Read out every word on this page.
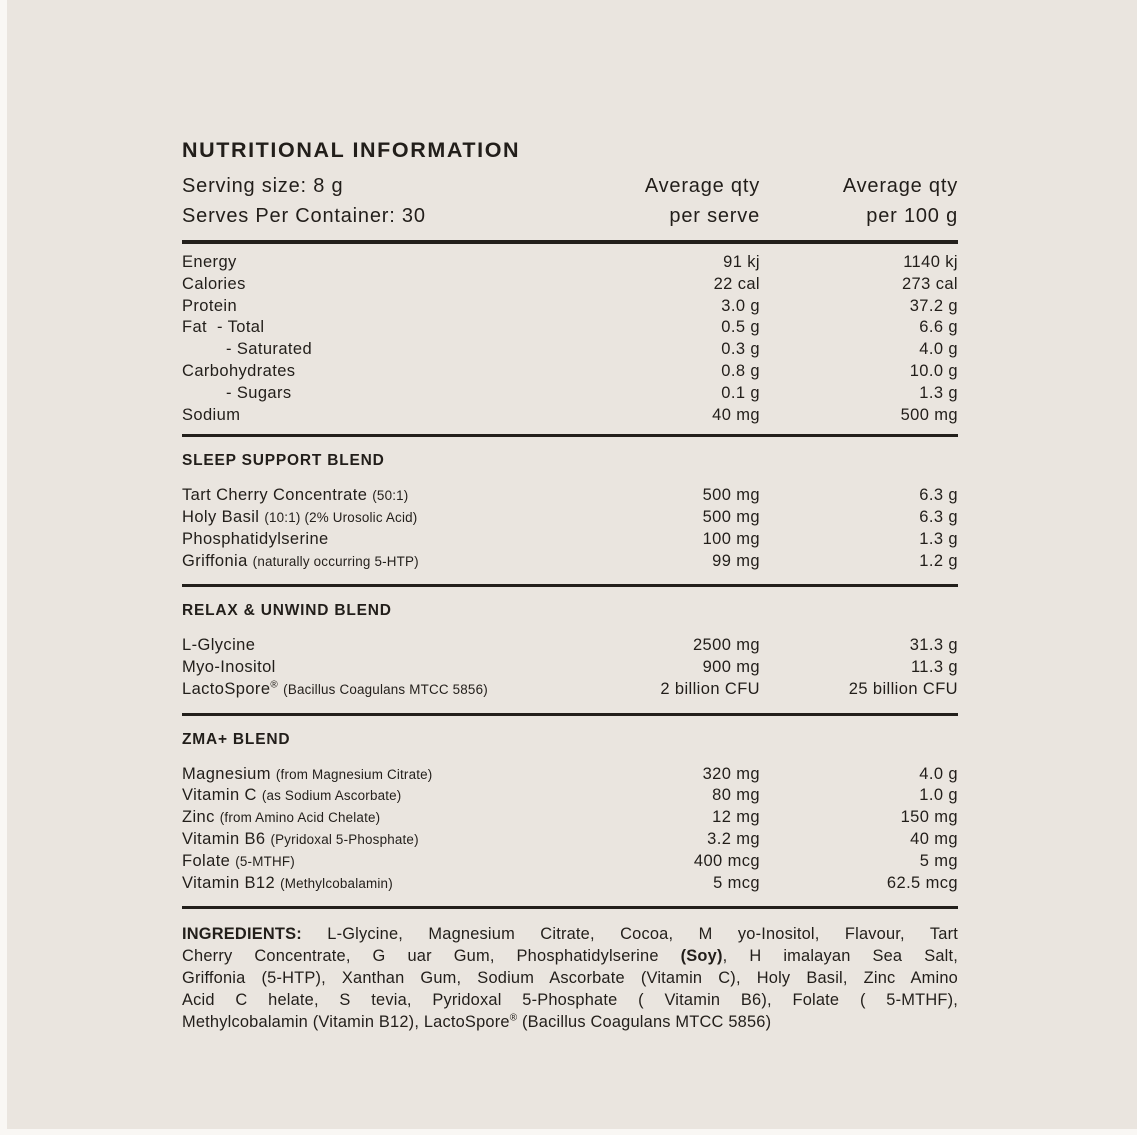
NUTRITIONAL INFORMATION
Serving size: 8 g
Serves Per Container: 30
Average qty
per serve
Average qty
per 100 g
Energy	91 kj	1140 kj
Calories	22 cal	273 cal
Protein	3.0 g	37.2 g
Fat  - Total	0.5 g	6.6 g
- Saturated	0.3 g	4.0 g
Carbohydrates	0.8 g	10.0 g
- Sugars	0.1 g	1.3 g
Sodium	40 mg	500 mg
SLEEP SUPPORT BLEND
Tart Cherry Concentrate (50:1)	500 mg	6.3 g
Holy Basil (10:1) (2% Urosolic Acid)	500 mg	6.3 g
Phosphatidylserine	100 mg	1.3 g
Griffonia (naturally occurring 5-HTP)	99 mg	1.2 g
RELAX & UNWIND BLEND
L-Glycine	2500 mg	31.3 g
Myo-Inositol	900 mg	11.3 g
LactoSpore® (Bacillus Coagulans MTCC 5856)	2 billion CFU	25 billion CFU
ZMA+ BLEND
Magnesium (from Magnesium Citrate)	320 mg	4.0 g
Vitamin C (as Sodium Ascorbate)	80 mg	1.0 g
Zinc (from Amino Acid Chelate)	12 mg	150 mg
Vitamin B6 (Pyridoxal 5-Phosphate)	3.2 mg	40 mg
Folate (5-MTHF)	400 mcg	5 mg
Vitamin B12 (Methylcobalamin)	5 mcg	62.5 mcg
INGREDIENTS: L-Glycine, Magnesium Citrate, Cocoa, M yo-Inositol, Flavour, Tart
Cherry Concentrate, G uar Gum, Phosphatidylserine (Soy), H imalayan Sea Salt,
Griffonia (5-HTP), Xanthan Gum, Sodium Ascorbate (Vitamin C), Holy Basil, Zinc Amino
Acid C helate, S tevia, Pyridoxal 5-Phosphate ( Vitamin B6), Folate ( 5-MTHF),
Methylcobalamin (Vitamin B12), LactoSpore® (Bacillus Coagulans MTCC 5856)
